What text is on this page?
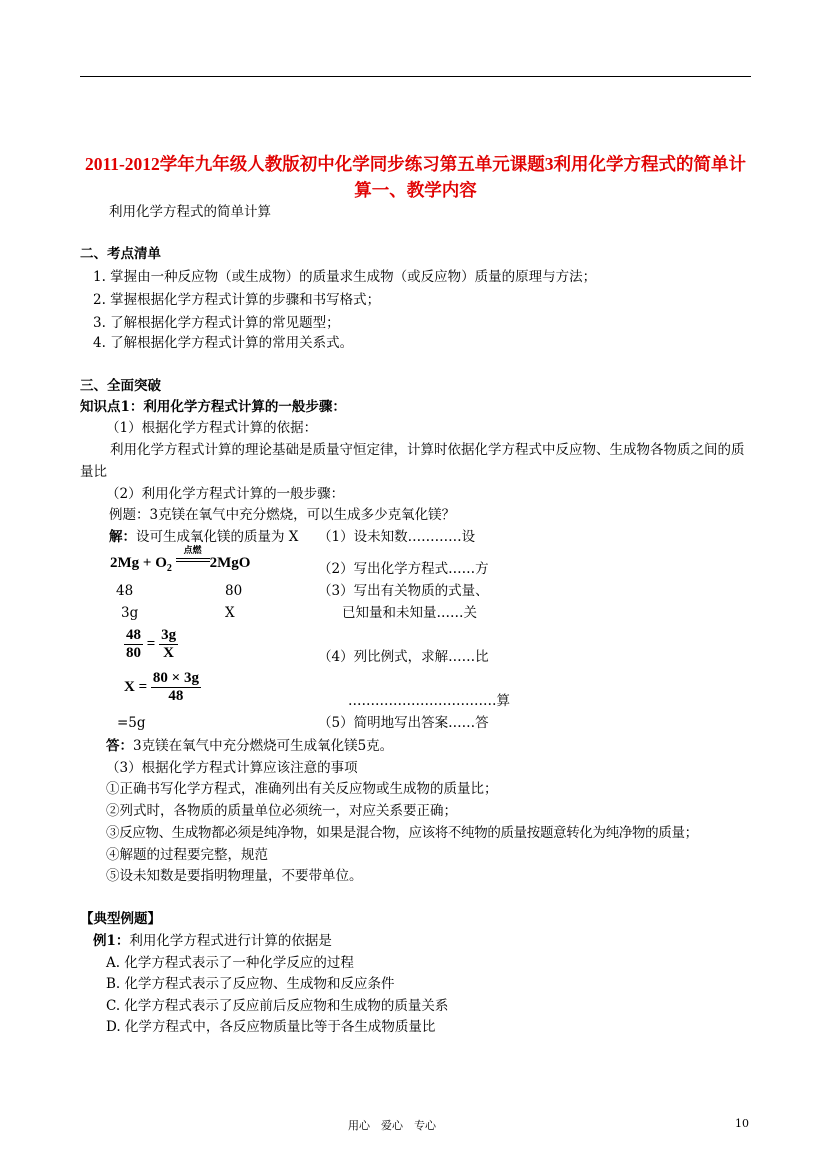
2011-2012学年九年级人教版初中化学同步练习第五单元课题3利用化学方程式的简单计算一、教学内容
利用化学方程式的简单计算
二、考点清单
1. 掌握由一种反应物（或生成物）的质量求生成物（或反应物）质量的原理与方法；
2. 掌握根据化学方程式计算的步骤和书写格式；
3. 了解根据化学方程式计算的常见题型；
4. 了解根据化学方程式计算的常用关系式。
三、全面突破
知识点1：利用化学方程式计算的一般步骤：
（1）根据化学方程式计算的依据：
利用化学方程式计算的理论基础是质量守恒定律，计算时依据化学方程式中反应物、生成物各物质之间的质量比
（2）利用化学方程式计算的一般步骤：
例题：3克镁在氧气中充分燃烧，可以生成多少克氧化镁？
解：设可生成氧化镁的质量为 X （1）设未知数…………设
$2Mg + O_2$
点燃
2MgO	（2）写出化学方程式……方
48	80	（3）写出有关物质的式量、
3g	X	已知量和未知量……关
$\frac{48}{80} = \frac{3g}{X}$	（4）列比例式，求解……比
$X = \frac{80 \times 3g}{48}$	……………………………算
=5g	（5）简明地写出答案……答
答：3克镁在氧气中充分燃烧可生成氧化镁5克。
（3）根据化学方程式计算应该注意的事项
①正确书写化学方程式，准确列出有关反应物或生成物的质量比；
②列式时，各物质的质量单位必须统一，对应关系要正确；
③反应物、生成物都必须是纯净物，如果是混合物，应该将不纯物的质量按题意转化为纯净物的质量；
④解题的过程要完整，规范
⑤设未知数是要指明物理量，不要带单位。
【典型例题】
例1：利用化学方程式进行计算的依据是
A. 化学方程式表示了一种化学反应的过程
B. 化学方程式表示了反应物、生成物和反应条件
C. 化学方程式表示了反应前后反应物和生成物的质量关系
D. 化学方程式中，各反应物质量比等于各生成物质量比
用心　爱心　专心	10
